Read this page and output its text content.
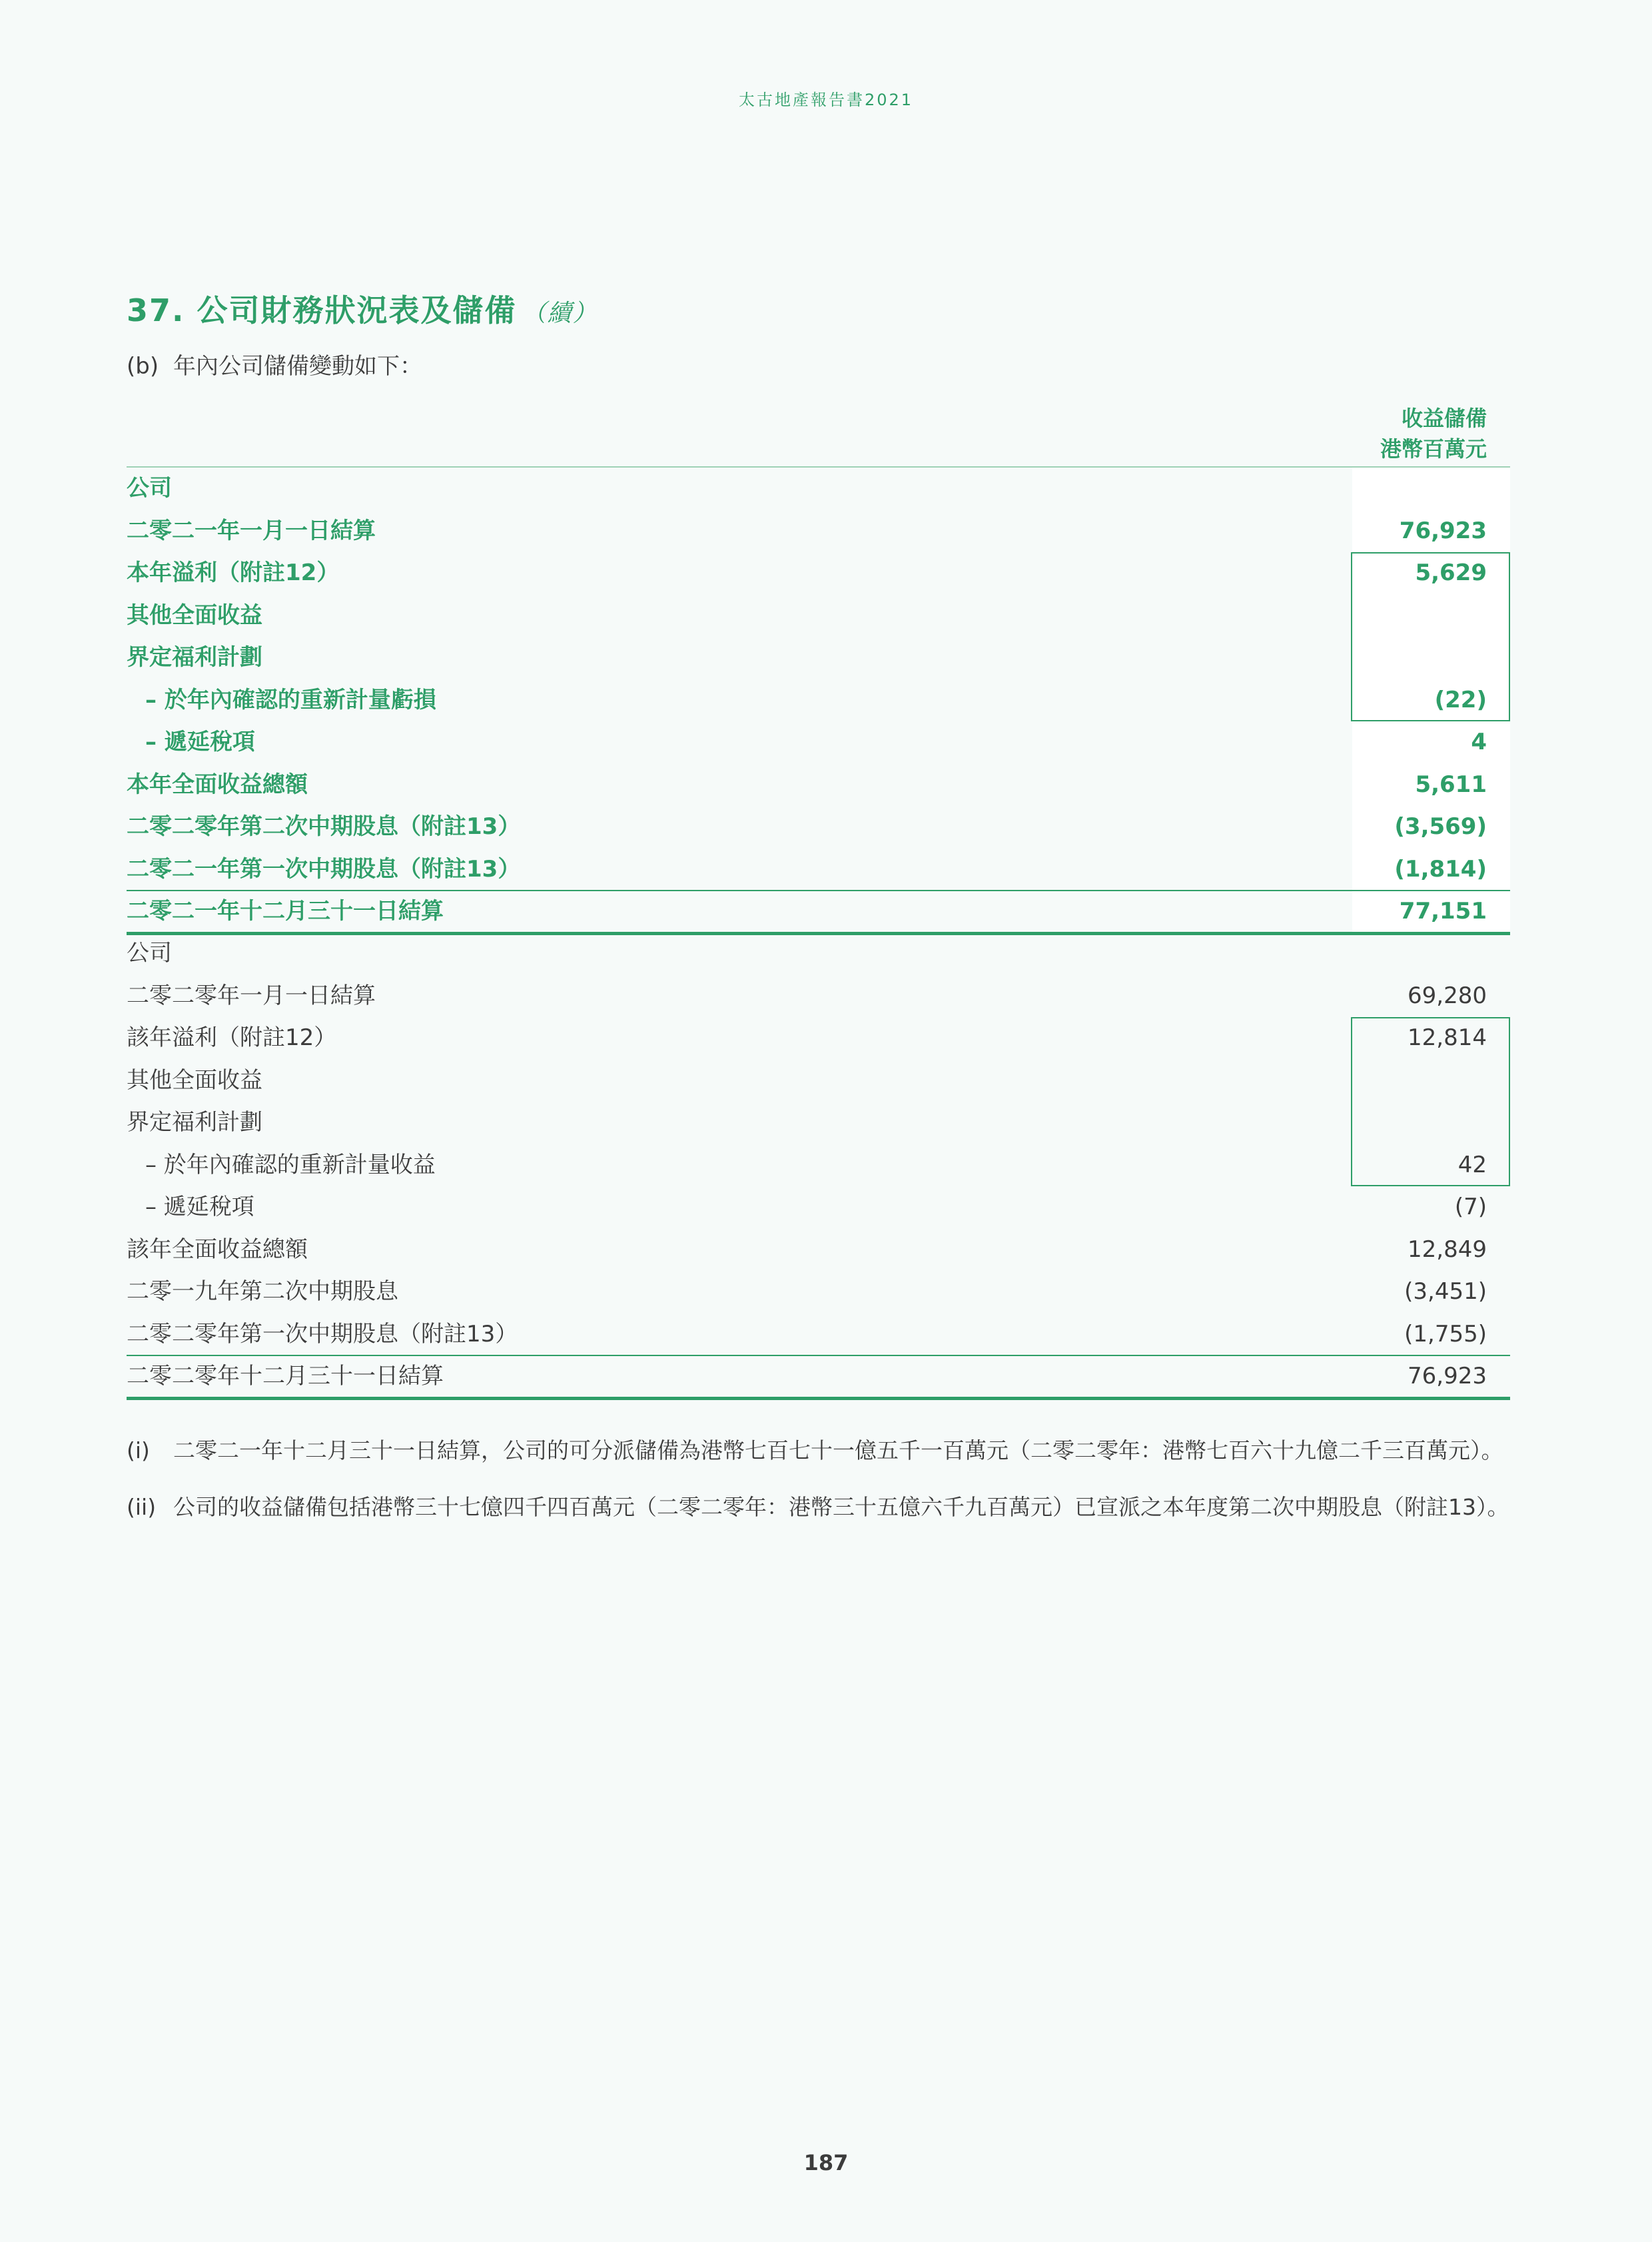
太古地產報告書2021
37. 公司財務狀況表及儲備 （續）
(b) 年內公司儲備變動如下：
收益儲備
港幣百萬元
公司
二零二一年一月一日結算	76,923
本年溢利（附註12）	5,629
其他全面收益
界定福利計劃
– 於年內確認的重新計量虧損	(22)
– 遞延稅項	4
本年全面收益總額	5,611
二零二零年第二次中期股息（附註13）	(3,569)
二零二一年第一次中期股息（附註13）	(1,814)
二零二一年十二月三十一日結算	77,151
公司
二零二零年一月一日結算	69,280
該年溢利（附註12）	12,814
其他全面收益
界定福利計劃
– 於年內確認的重新計量收益	42
– 遞延稅項	(7)
該年全面收益總額	12,849
二零一九年第二次中期股息	(3,451)
二零二零年第一次中期股息（附註13）	(1,755)
二零二零年十二月三十一日結算	76,923
(i) 二零二一年十二月三十一日結算，公司的可分派儲備為港幣七百七十一億五千一百萬元（二零二零年：港幣七百六十九億二千三百萬元）。
(ii) 公司的收益儲備包括港幣三十七億四千四百萬元（二零二零年：港幣三十五億六千九百萬元）已宣派之本年度第二次中期股息（附註13）。
187
